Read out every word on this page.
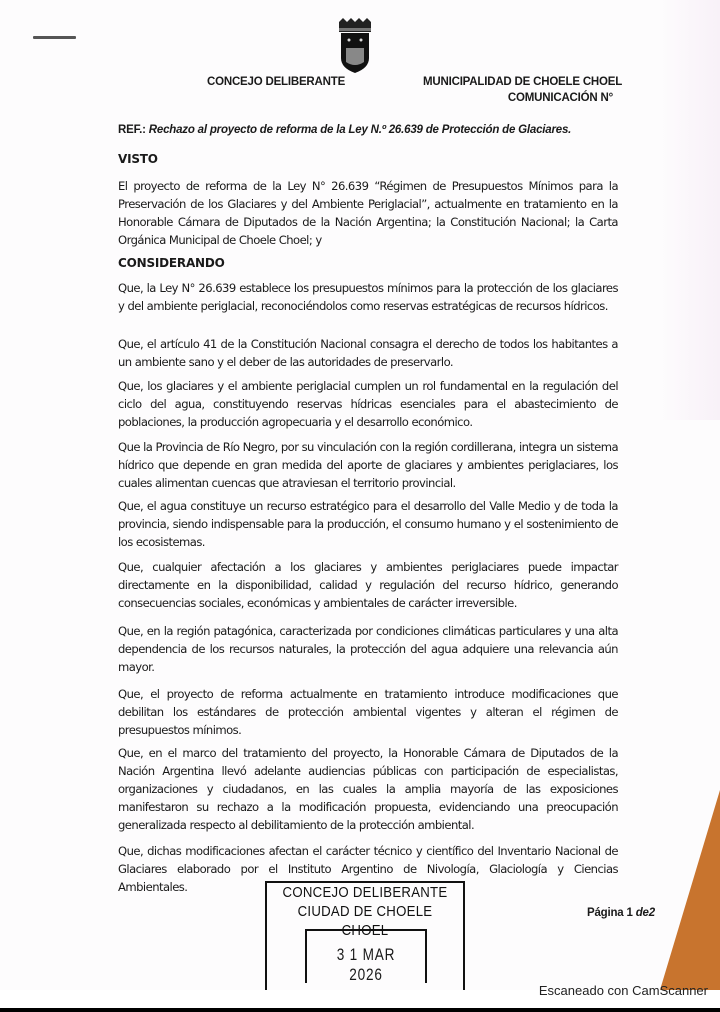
CONCEJO DELIBERANTE	MUNICIPALIDAD DE CHOELE CHOEL
COMUNICACIÓN N°
REF.: Rechazo al proyecto de reforma de la Ley N.º 26.639 de Protección de Glaciares.
VISTO
El proyecto de reforma de la Ley N° 26.639 “Régimen de Presupuestos Mínimos para la Preservación de los Glaciares y del Ambiente Periglacial”, actualmente en tratamiento en la Honorable Cámara de Diputados de la Nación Argentina; la Constitución Nacional; la Carta Orgánica Municipal de Choele Choel; y
CONSIDERANDO
Que, la Ley N° 26.639 establece los presupuestos mínimos para la protección de los glaciares y del ambiente periglacial, reconociéndolos como reservas estratégicas de recursos hídricos.
Que, el artículo 41 de la Constitución Nacional consagra el derecho de todos los habitantes a un ambiente sano y el deber de las autoridades de preservarlo.
Que, los glaciares y el ambiente periglacial cumplen un rol fundamental en la regulación del ciclo del agua, constituyendo reservas hídricas esenciales para el abastecimiento de poblaciones, la producción agropecuaria y el desarrollo económico.
Que la Provincia de Río Negro, por su vinculación con la región cordillerana, integra un sistema hídrico que depende en gran medida del aporte de glaciares y ambientes periglaciares, los cuales alimentan cuencas que atraviesan el territorio provincial.
Que, el agua constituye un recurso estratégico para el desarrollo del Valle Medio y de toda la provincia, siendo indispensable para la producción, el consumo humano y el sostenimiento de los ecosistemas.
Que, cualquier afectación a los glaciares y ambientes periglaciares puede impactar directamente en la disponibilidad, calidad y regulación del recurso hídrico, generando consecuencias sociales, económicas y ambientales de carácter irreversible.
Que, en la región patagónica, caracterizada por condiciones climáticas particulares y una alta dependencia de los recursos naturales, la protección del agua adquiere una relevancia aún mayor.
Que, el proyecto de reforma actualmente en tratamiento introduce modificaciones que debilitan los estándares de protección ambiental vigentes y alteran el régimen de presupuestos mínimos.
Que, en el marco del tratamiento del proyecto, la Honorable Cámara de Diputados de la Nación Argentina llevó adelante audiencias públicas con participación de especialistas, organizaciones y ciudadanos, en las cuales la amplia mayoría de las exposiciones manifestaron su rechazo a la modificación propuesta, evidenciando una preocupación generalizada respecto al debilitamiento de la protección ambiental.
Que, dichas modificaciones afectan el carácter técnico y científico del Inventario Nacional de Glaciares elaborado por el Instituto Argentino de Nivología, Glaciología y Ciencias Ambientales.	CONCEJO DELIBERANTE
CIUDAD DE CHOELE CHOEL
3 1 MAR 2026
Página 1 de2
Escaneado con CamScanner
